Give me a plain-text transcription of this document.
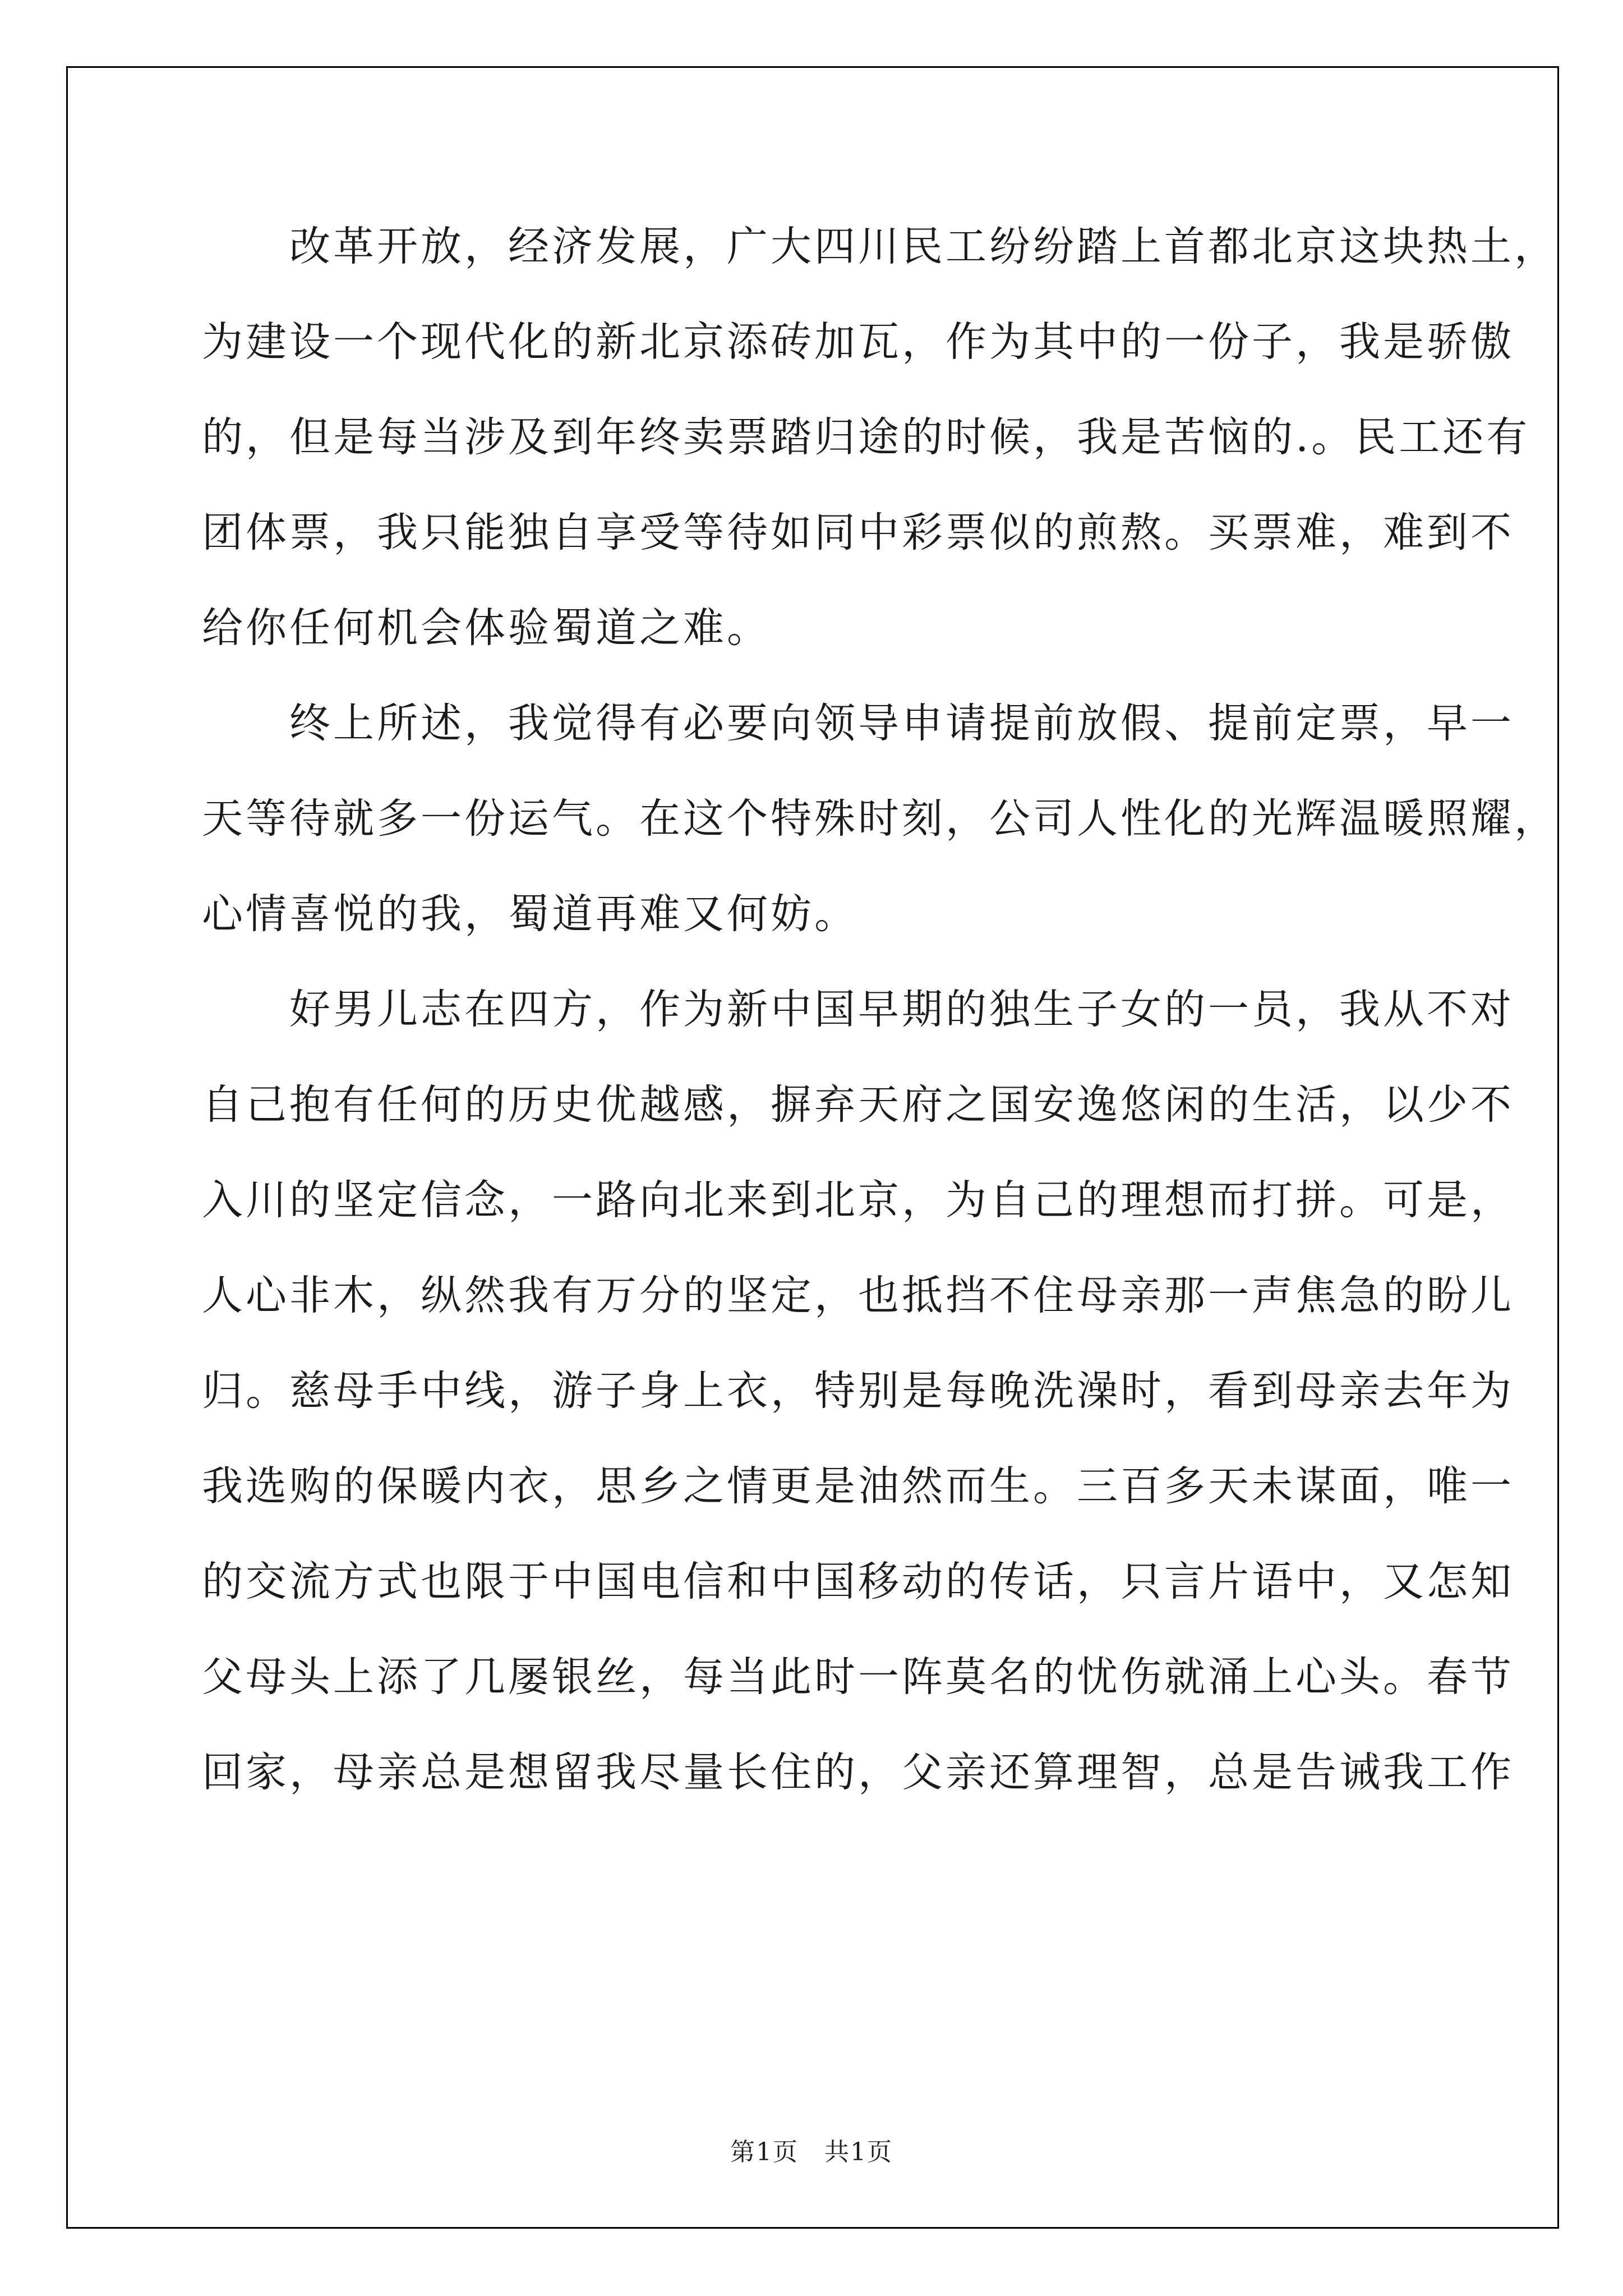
改革开放，经济发展，广大四川民工纷纷踏上首都北京这块热土，
为建设一个现代化的新北京添砖加瓦，作为其中的一份子，我是骄傲
的，但是每当涉及到年终卖票踏归途的时候，我是苦恼的.。民工还有
团体票，我只能独自享受等待如同中彩票似的煎熬。买票难，难到不
给你任何机会体验蜀道之难。
终上所述，我觉得有必要向领导申请提前放假、提前定票，早一
天等待就多一份运气。在这个特殊时刻，公司人性化的光辉温暖照耀，
心情喜悦的我，蜀道再难又何妨。
好男儿志在四方，作为新中国早期的独生子女的一员，我从不对
自己抱有任何的历史优越感，摒弃天府之国安逸悠闲的生活，以少不
入川的坚定信念，一路向北来到北京，为自己的理想而打拼。可是，
人心非木，纵然我有万分的坚定，也抵挡不住母亲那一声焦急的盼儿
归。慈母手中线，游子身上衣，特别是每晚洗澡时，看到母亲去年为
我选购的保暖内衣，思乡之情更是油然而生。三百多天未谋面，唯一
的交流方式也限于中国电信和中国移动的传话，只言片语中，又怎知
父母头上添了几屡银丝，每当此时一阵莫名的忧伤就涌上心头。春节
回家，母亲总是想留我尽量长住的，父亲还算理智，总是告诫我工作
第1页　共1页
